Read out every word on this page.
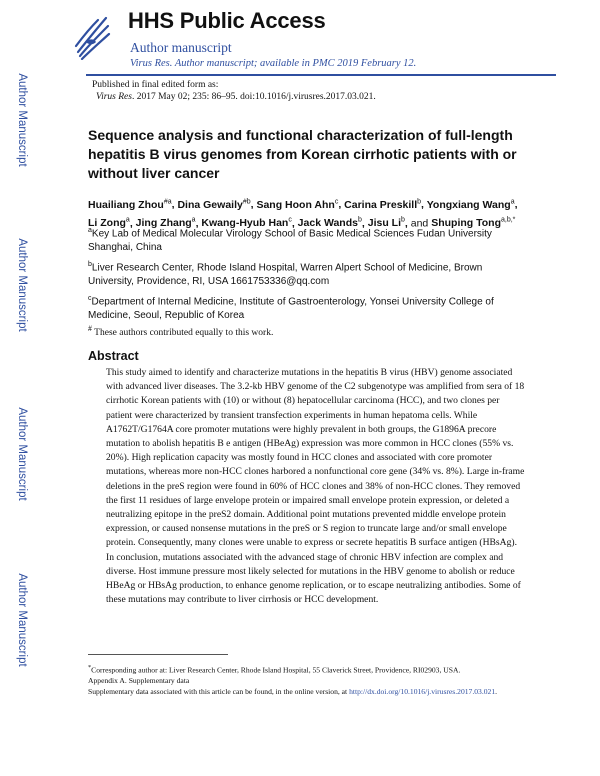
HHS Public Access
Author manuscript
Virus Res. Author manuscript; available in PMC 2019 February 12.
Author Manuscript
Author Manuscript
Author Manuscript
Author Manuscript
Published in final edited form as:
Virus Res. 2017 May 02; 235: 86–95. doi:10.1016/j.virusres.2017.03.021.
Sequence analysis and functional characterization of full-length hepatitis B virus genomes from Korean cirrhotic patients with or without liver cancer
Huailiang Zhou$^{\#a}$, Dina Gewaily$^{\#b}$, Sang Hoon Ahn$^c$, Carina Preskill$^b$, Yongxiang Wang$^a$, Li Zong$^a$, Jing Zhang$^a$, Kwang-Hyub Han$^c$, Jack Wands$^b$, Jisu Li$^b$, and Shuping Tong$^{a,b,*}$
$^a$Key Lab of Medical Molecular Virology School of Basic Medical Sciences Fudan University Shanghai, China
$^b$Liver Research Center, Rhode Island Hospital, Warren Alpert School of Medicine, Brown University, Providence, RI, USA 1661753336@qq.com
$^c$Department of Internal Medicine, Institute of Gastroenterology, Yonsei University College of Medicine, Seoul, Republic of Korea
# These authors contributed equally to this work.
Abstract
This study aimed to identify and characterize mutations in the hepatitis B virus (HBV) genome associated with advanced liver diseases. The 3.2-kb HBV genome of the C2 subgenotype was amplified from sera of 18 cirrhotic Korean patients with (10) or without (8) hepatocellular carcinoma (HCC), and two clones per patient were characterized by transient transfection experiments in human hepatoma cells. While A1762T/G1764A core promoter mutations were highly prevalent in both groups, the G1896A precore mutation to abolish hepatitis B e antigen (HBeAg) expression was more common in HCC clones (55% vs. 20%). High replication capacity was mostly found in HCC clones and associated with core promoter mutations, whereas more non-HCC clones harbored a nonfunctional core gene (34% vs. 8%). Large in-frame deletions in the preS region were found in 60% of HCC clones and 38% of non-HCC clones. They removed the first 11 residues of large envelope protein or impaired small envelope protein expression, or deleted a neutralizing epitope in the preS2 domain. Additional point mutations prevented middle envelope protein expression, or caused nonsense mutations in the preS or S region to truncate large and/or small envelope protein. Consequently, many clones were unable to express or secrete hepatitis B surface antigen (HBsAg). In conclusion, mutations associated with the advanced stage of chronic HBV infection are complex and diverse. Host immune pressure most likely selected for mutations in the HBV genome to abolish or reduce HBeAg or HBsAg production, to enhance genome replication, or to escape neutralizing antibodies. Some of these mutations may contribute to liver cirrhosis or HCC development.
*Corresponding author at: Liver Research Center, Rhode Island Hospital, 55 Claverick Street, Providence, RI02903, USA.
Appendix A. Supplementary data
Supplementary data associated with this article can be found, in the online version, at http://dx.doi.org/10.1016/j.virusres.2017.03.021.
